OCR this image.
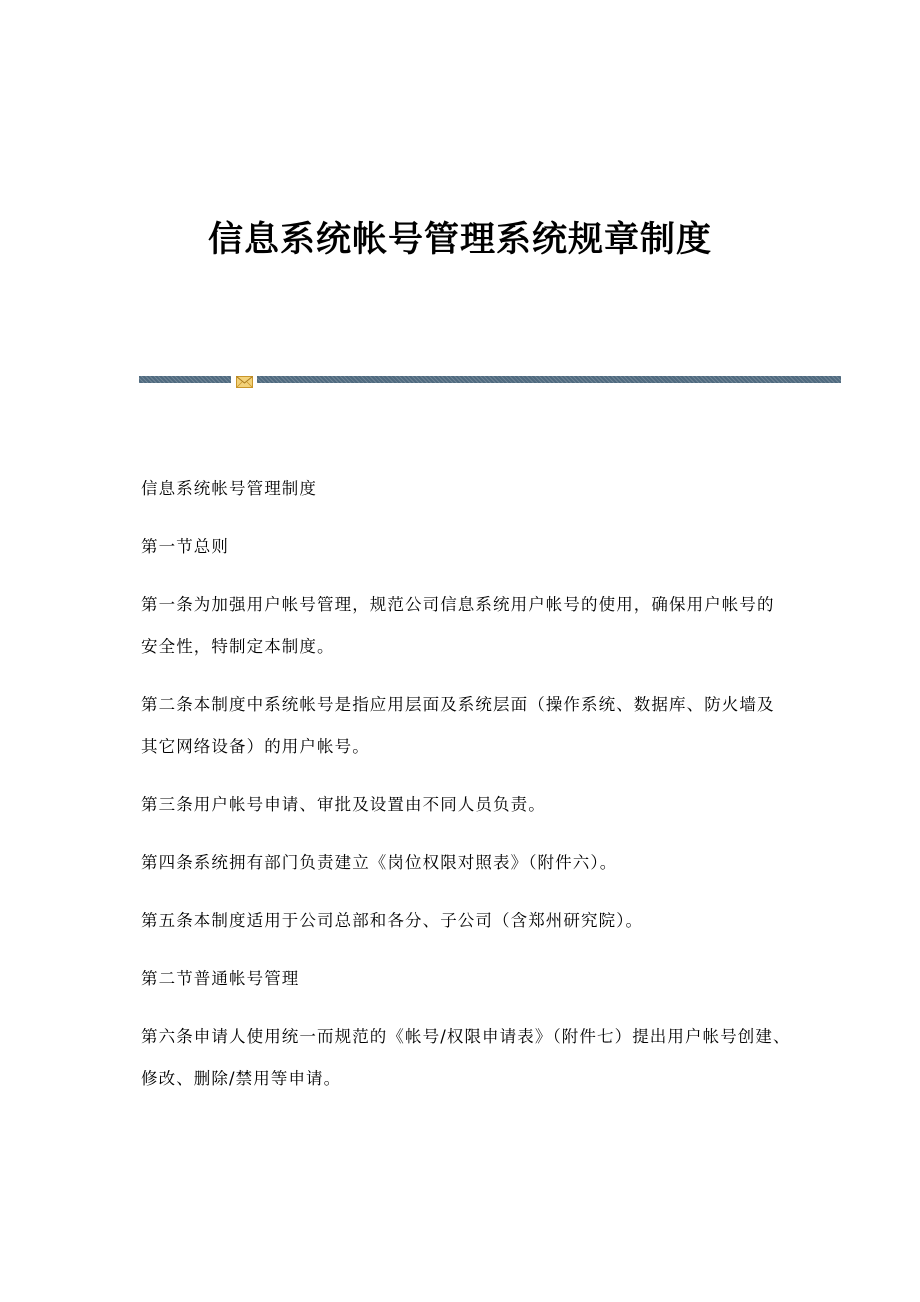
信息系统帐号管理系统规章制度

信息系统帐号管理制度

第一节总则

第一条为加强用户帐号管理，规范公司信息系统用户帐号的使用，确保用户帐号的安全性，特制定本制度。

第二条本制度中系统帐号是指应用层面及系统层面（操作系统、数据库、防火墙及其它网络设备）的用户帐号。

第三条用户帐号申请、审批及设置由不同人员负责。

第四条系统拥有部门负责建立《岗位权限对照表》（附件六）。

第五条本制度适用于公司总部和各分、子公司（含郑州研究院）。

第二节普通帐号管理

第六条申请人使用统一而规范的《帐号/权限申请表》（附件七）提出用户帐号创建、修改、删除/禁用等申请。
